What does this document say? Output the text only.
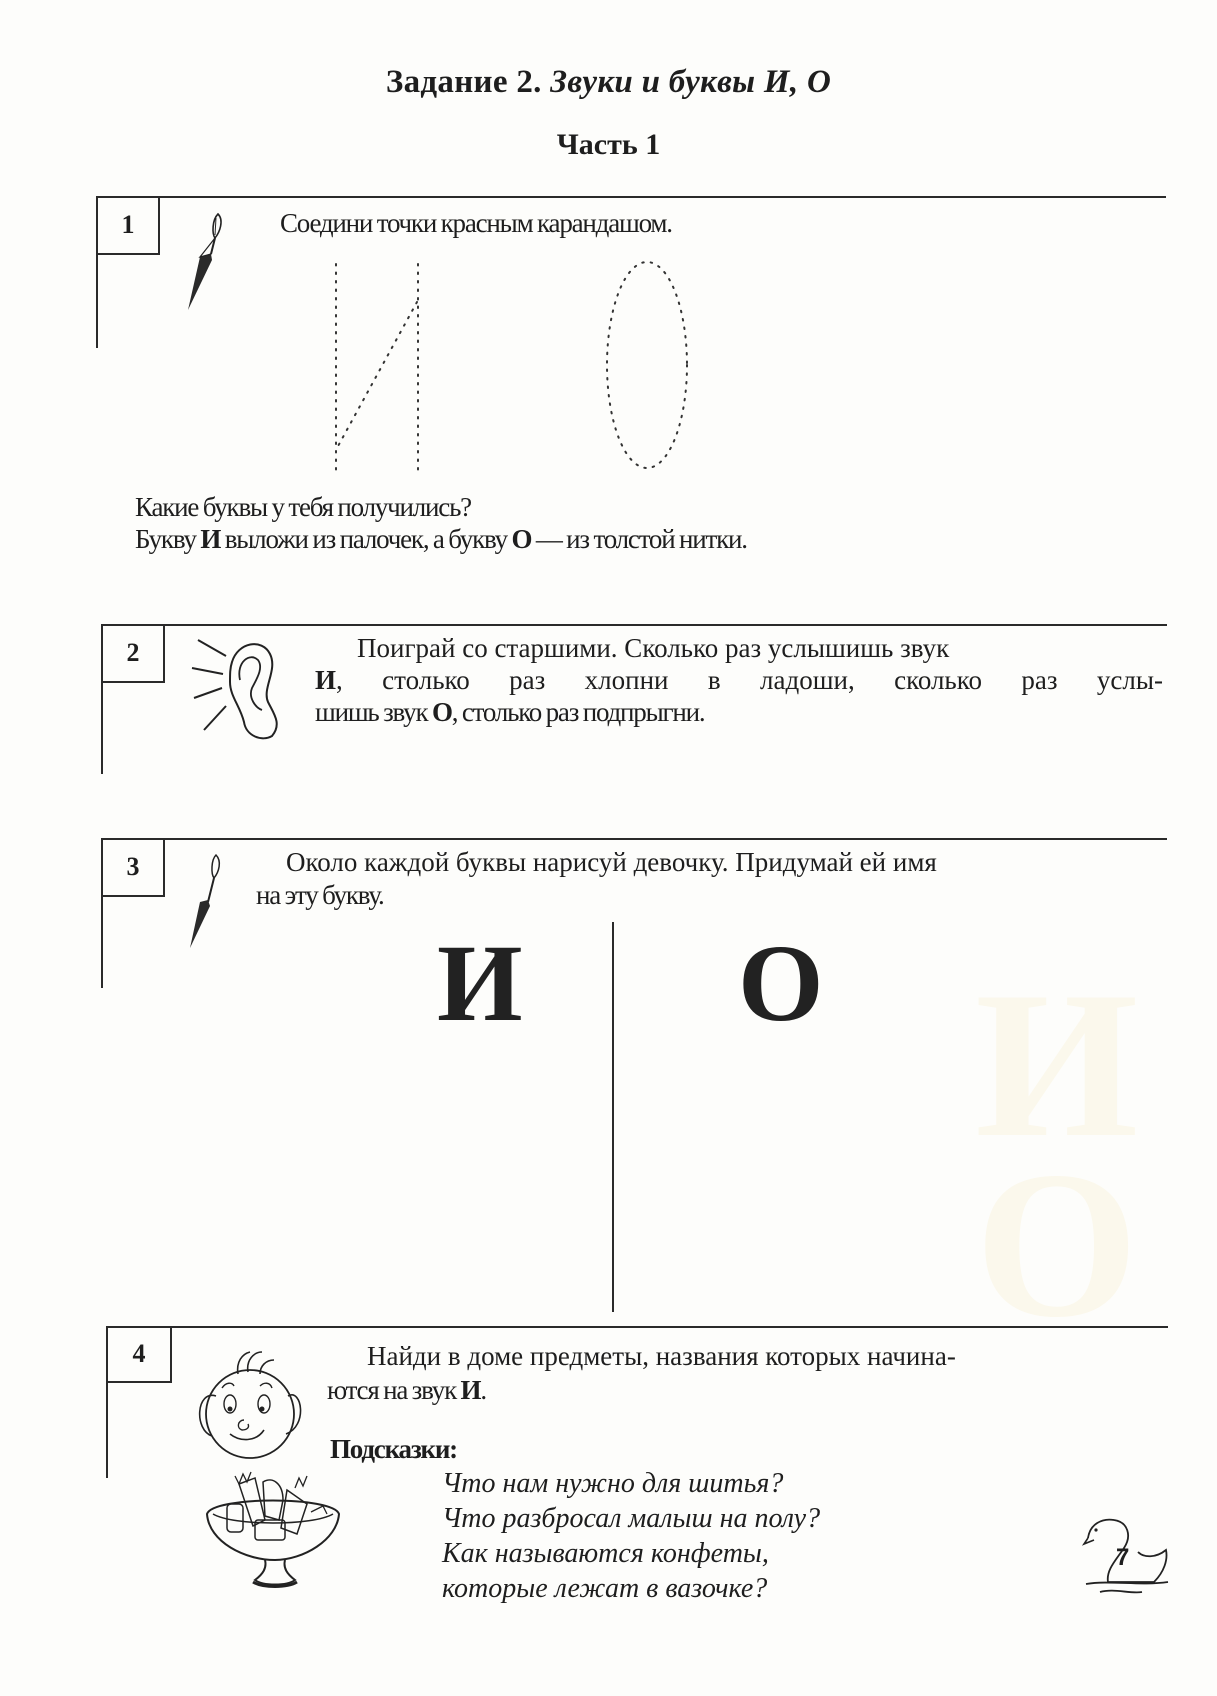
Задание 2. Звуки и буквы И, О
Часть 1
1	Соедини точки красным карандашом.
Какие буквы у тебя получились?
Букву И выложи из палочек, а букву О — из толстой нитки.
2	Поиграй со старшими. Сколько раз услышишь звук
И, столько раз хлопни в ладоши, сколько раз услы-
шишь звук О, столько раз подпрыгни.
3	Около каждой буквы нарисуй девочку. Придумай ей имя
на эту букву.
И О
4	Найди в доме предметы, названия которых начина-
ются на звук И.
Подсказки:
Что нам нужно для шитья?
Что разбросал малыш на полу?
Как называются конфеты,
которые лежат в вазочке?
И
О
7
